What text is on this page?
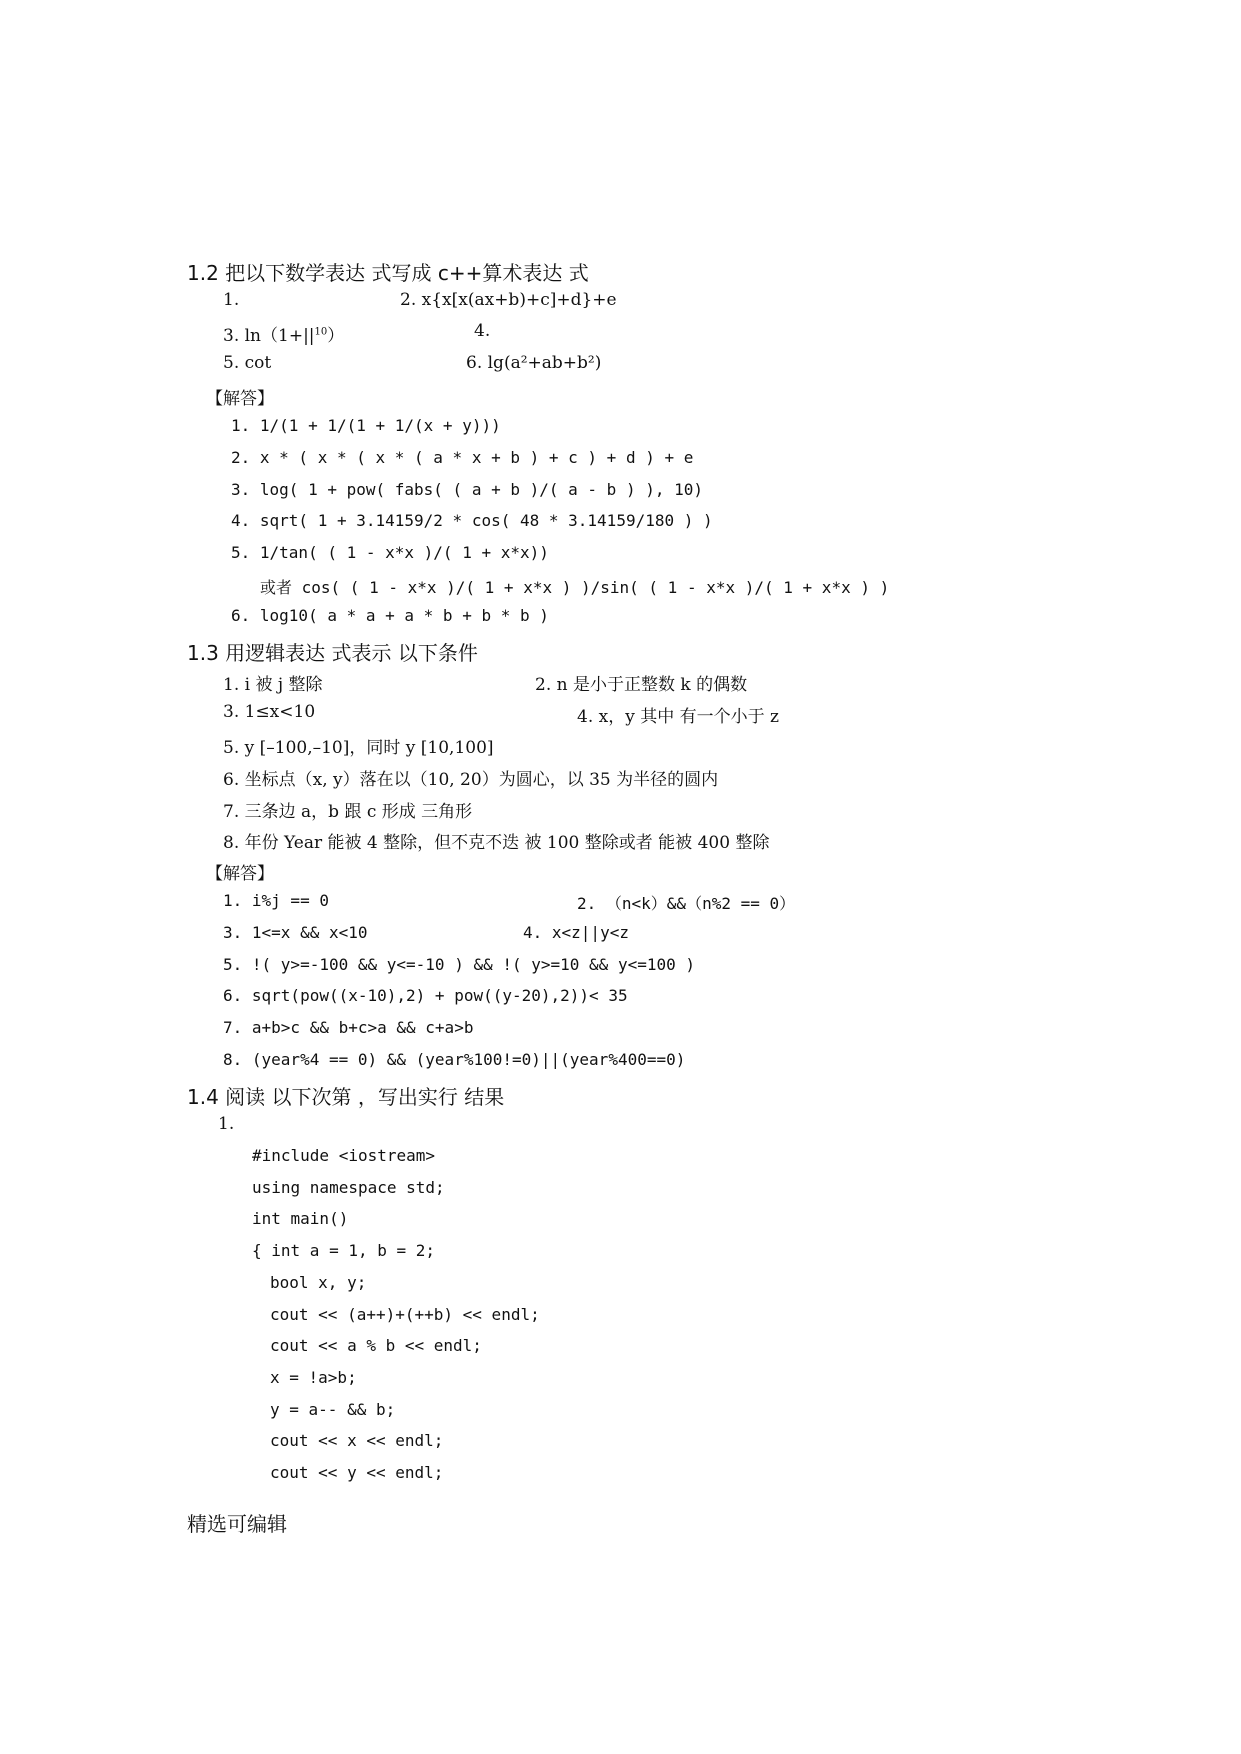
1.2 把以下数学表达 式写成 c++算术表达 式
1.	2. x{x[x(ax+b)+c]+d}+e
3. $\ln(1+||^{10})$	4.
5. cot	6. lg(a²+ab+b²)
【解答】
1. 1/(1 + 1/(1 + 1/(x + y)))
2. x * ( x * ( x * ( a * x + b ) + c ) + d ) + e
3. log( 1 + pow( fabs( ( a + b )/( a - b ) ), 10)
4. sqrt( 1 + 3.14159/2 * cos( 48 * 3.14159/180 ) )
5. 1/tan( ( 1 - x*x )/( 1 + x*x))
或者 cos( ( 1 - x*x )/( 1 + x*x ) )/sin( ( 1 - x*x )/( 1 + x*x ) )
6. log10( a * a + a * b + b * b )
1.3 用逻辑表达 式表示 以下条件
1. i 被 j 整除	2. n 是小于正整数 k 的偶数
3. 1≤x<10	4. x，y 其中 有一个小于 z
5. y [–100,–10]，同时 y [10,100]
6. 坐标点（x, y）落在以（10, 20）为圆心，以 35 为半径的圆内
7. 三条边 a，b 跟 c 形成 三角形
8. 年份 Year 能被 4 整除，但不克不迭 被 100 整除或者 能被 400 整除
【解答】
1. i%j == 0	2. （n<k）&&（n%2 == 0）
3. 1<=x && x<10	4. x<z||y<z
5. !( y>=-100 && y<=-10 ) && !( y>=10 && y<=100 )
6. sqrt(pow((x-10),2) + pow((y-20),2))< 35
7. a+b>c && b+c>a && c+a>b
8. (year%4 == 0) && (year%100!=0)||(year%400==0)
1.4 阅读 以下次第 ，写出实行 结果
1.
#include <iostream>
using namespace std;
int main()
{ int a = 1, b = 2;
bool x, y;
cout << (a++)+(++b) << endl;
cout << a % b << endl;
x = !a>b;
y = a-- && b;
cout << x << endl;
cout << y << endl;
精选可编辑
